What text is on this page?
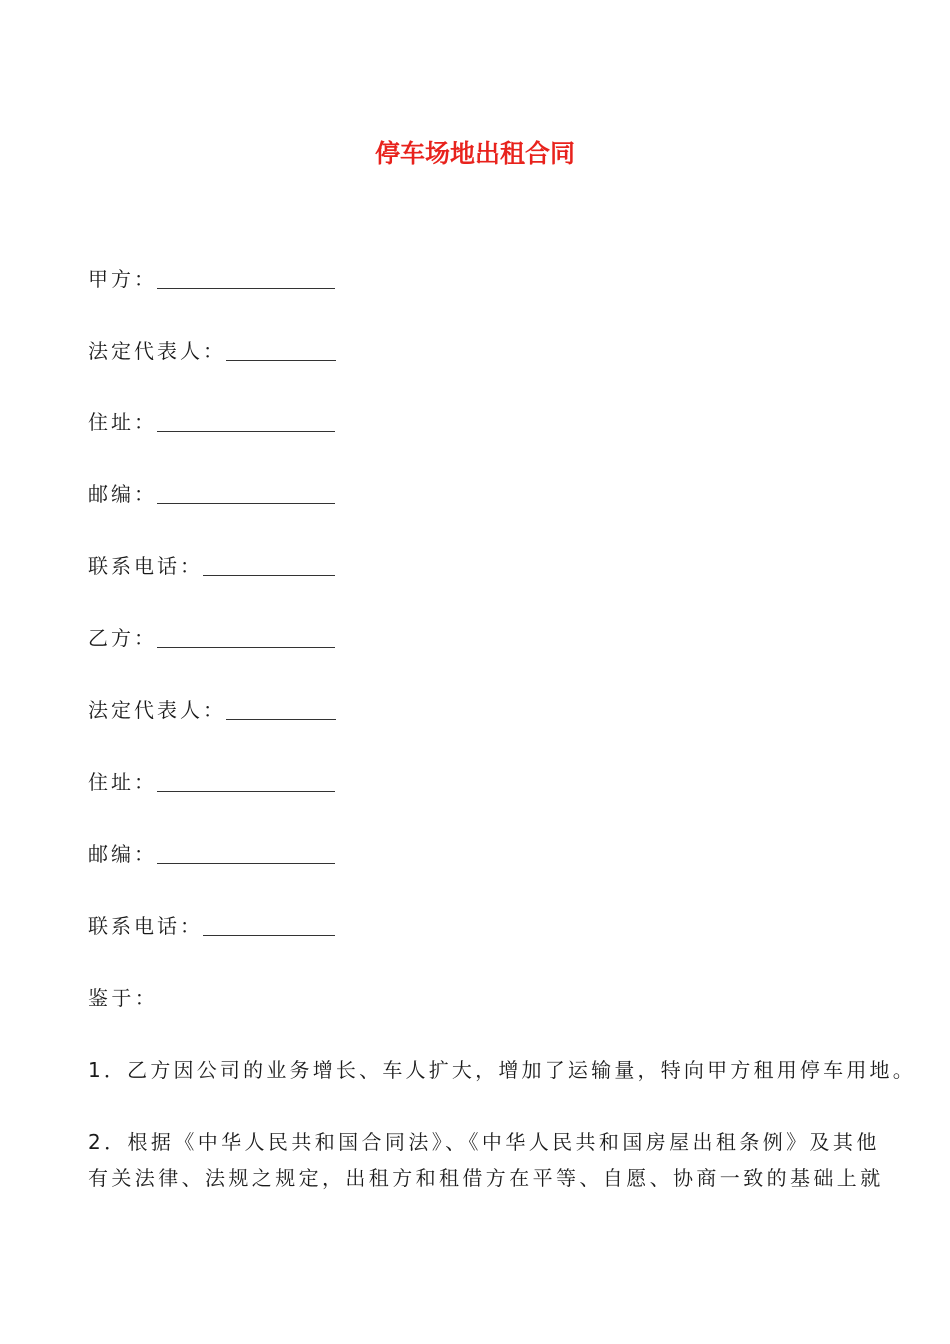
停车场地出租合同
甲方：
法定代表人：
住址：
邮编：
联系电话：
乙方：
法定代表人：
住址：
邮编：
联系电话：
鉴于：
1．乙方因公司的业务增长、车人扩大，增加了运输量，特向甲方租用停车用地。
2．根据《中华人民共和国合同法》、《中华人民共和国房屋出租条例》及其他
有关法律、法规之规定，出租方和租借方在平等、自愿、协商一致的基础上就
